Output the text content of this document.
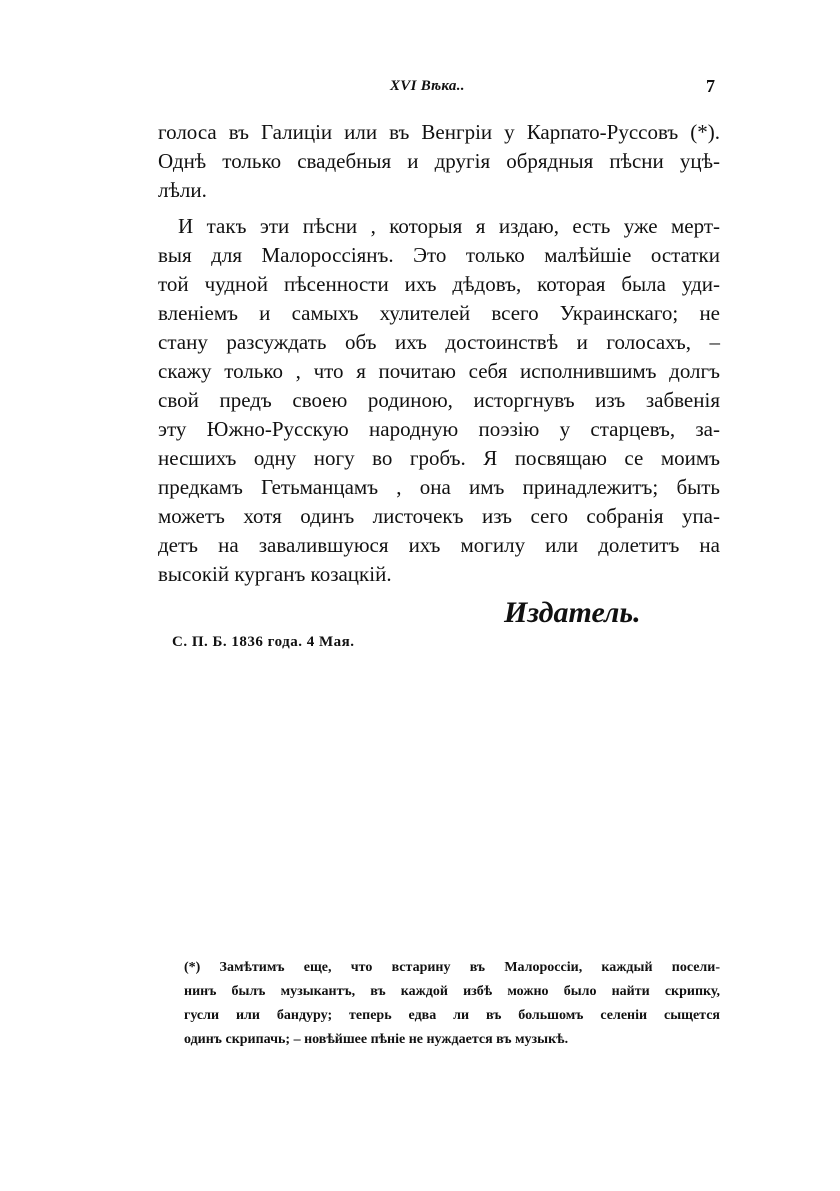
XVI Вѣка..	7
голоса въ Галиціи или въ Венгріи у Карпато-Руссовъ (*).
Однѣ только свадебныя и другія обрядныя пѣсни уцѣ-
лѣли.
И такъ эти пѣсни , которыя я издаю, есть уже мерт-
выя для Малороссіянъ. Это только малѣйшіе остатки
той чудной пѣсенности ихъ дѣдовъ, которая была уди-
вленіемъ и самыхъ хулителей всего Украинскаго; не
стану разсуждать объ ихъ достоинствѣ и голосахъ, –
скажу только , что я почитаю себя исполнившимъ долгъ
свой предъ своею родиною, исторгнувъ изъ забвенія
эту Южно-Русскую народную поэзію у старцевъ, за-
несшихъ одну ногу во гробъ. Я посвящаю се моимъ
предкамъ Гетьманцамъ , она имъ принадлежитъ; быть
можетъ хотя одинъ листочекъ изъ сего собранія упа-
детъ на завалившуюся ихъ могилу или долетитъ на
высокій курганъ козацкій.
Издатель.
С. П. Б. 1836 года. 4 Мая.
(*) Замѣтимъ еще, что встарину въ Малороссіи, каждый посели-
нинъ былъ музыкантъ, въ каждой избѣ можно было найти скрипку,
гусли или бандуру; теперь едва ли въ большомъ селеніи сыщется
одинъ скрипачь; – новѣйшее пѣніе не нуждается въ музыкѣ.
